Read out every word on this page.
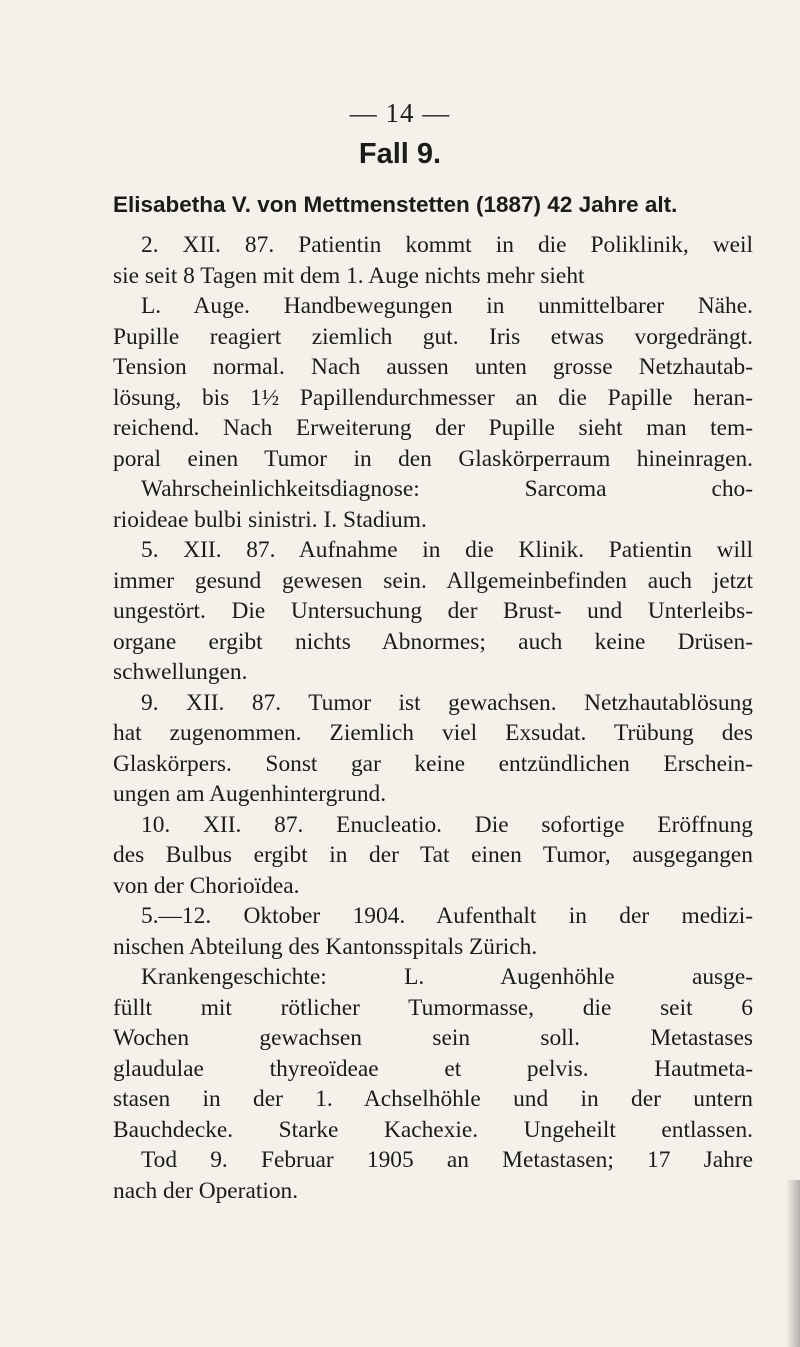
— 14 —
Fall 9.
Elisabetha V. von Mettmenstetten (1887) 42 Jahre alt.
2. XII. 87. Patientin kommt in die Poliklinik, weil
sie seit 8 Tagen mit dem 1. Auge nichts mehr sieht
L. Auge. Handbewegungen in unmittelbarer Nähe.
Pupille reagiert ziemlich gut. Iris etwas vorgedrängt.
Tension normal. Nach aussen unten grosse Netzhautab-
lösung, bis 1½ Papillendurchmesser an die Papille heran-
reichend. Nach Erweiterung der Pupille sieht man tem-
poral einen Tumor in den Glaskörperraum hineinragen.
Wahrscheinlichkeitsdiagnose: Sarcoma cho-
rioideae bulbi sinistri. I. Stadium.
5. XII. 87. Aufnahme in die Klinik. Patientin will
immer gesund gewesen sein. Allgemeinbefinden auch jetzt
ungestört. Die Untersuchung der Brust- und Unterleibs-
organe ergibt nichts Abnormes; auch keine Drüsen-
schwellungen.
9. XII. 87. Tumor ist gewachsen. Netzhautablösung
hat zugenommen. Ziemlich viel Exsudat. Trübung des
Glaskörpers. Sonst gar keine entzündlichen Erschein-
ungen am Augenhintergrund.
10. XII. 87. Enucleatio. Die sofortige Eröffnung
des Bulbus ergibt in der Tat einen Tumor, ausgegangen
von der Chorioïdea.
5.—12. Oktober 1904. Aufenthalt in der medizi-
nischen Abteilung des Kantonsspitals Zürich.
Krankengeschichte: L. Augenhöhle ausge-
füllt mit rötlicher Tumormasse, die seit 6
Wochen gewachsen sein soll. Metastases
glaudulae thyreoïdeae et pelvis. Hautmeta-
stasen in der 1. Achselhöhle und in der untern
Bauchdecke. Starke Kachexie. Ungeheilt entlassen.
Tod 9. Februar 1905 an Metastasen; 17 Jahre
nach der Operation.
